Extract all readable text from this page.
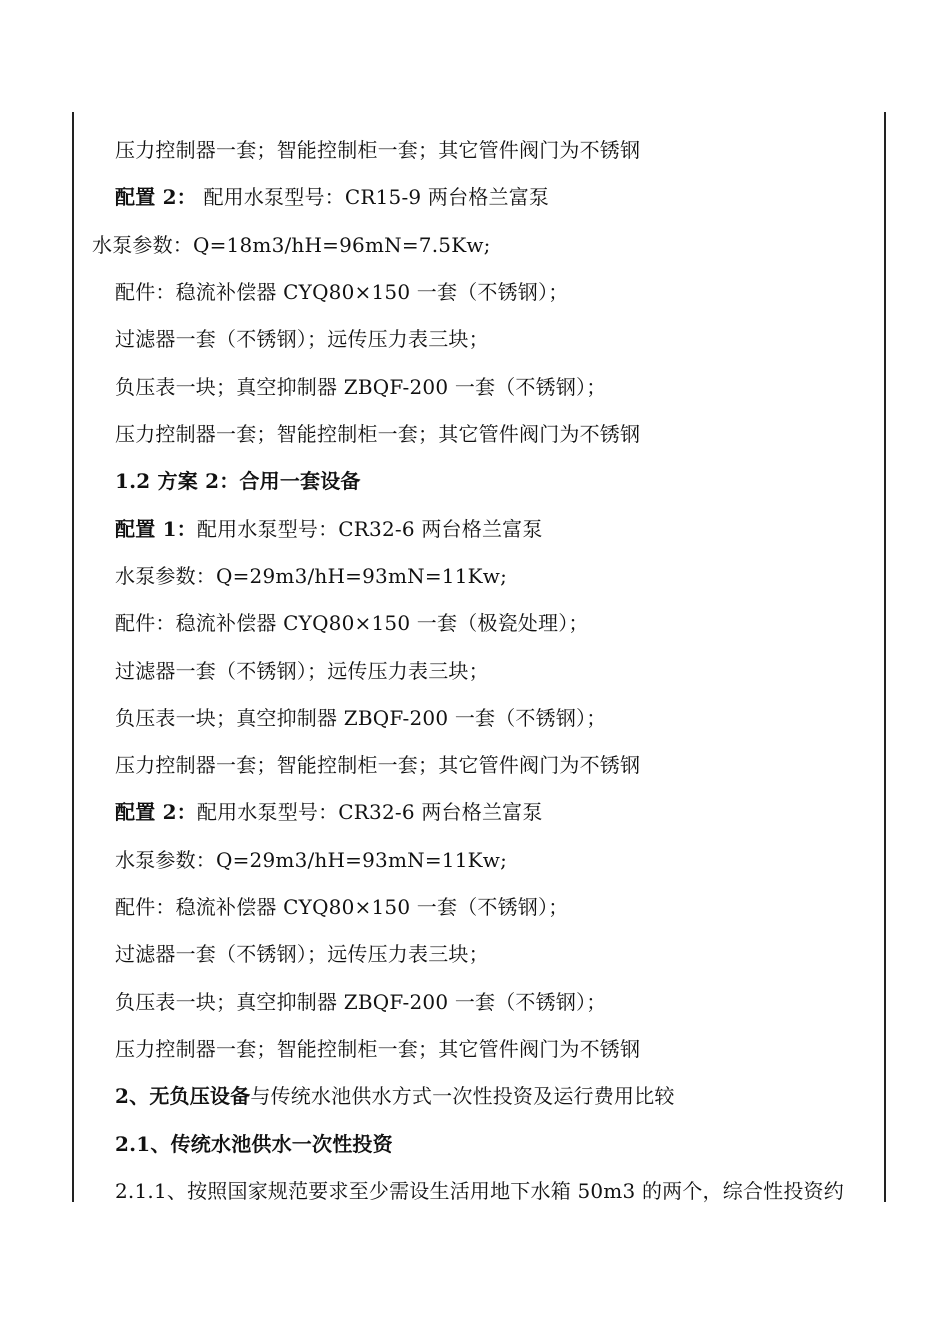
压力控制器一套；智能控制柜一套；其它管件阀门为不锈钢
配置 2： 配用水泵型号：CR15-9 两台格兰富泵
水泵参数：Q=18m3/hH=96mN=7.5Kw;
配件：稳流补偿器 CYQ80×150 一套（不锈钢）；
过滤器一套（不锈钢）；远传压力表三块；
负压表一块；真空抑制器 ZBQF-200 一套（不锈钢）；
压力控制器一套；智能控制柜一套；其它管件阀门为不锈钢
1.2 方案 2：合用一套设备
配置 1：配用水泵型号：CR32-6 两台格兰富泵
水泵参数：Q=29m3/hH=93mN=11Kw;
配件：稳流补偿器 CYQ80×150 一套（极瓷处理）；
过滤器一套（不锈钢）；远传压力表三块；
负压表一块；真空抑制器 ZBQF-200 一套（不锈钢）；
压力控制器一套；智能控制柜一套；其它管件阀门为不锈钢
配置 2：配用水泵型号：CR32-6 两台格兰富泵
水泵参数：Q=29m3/hH=93mN=11Kw;
配件：稳流补偿器 CYQ80×150 一套（不锈钢）；
过滤器一套（不锈钢）；远传压力表三块；
负压表一块；真空抑制器 ZBQF-200 一套（不锈钢）；
压力控制器一套；智能控制柜一套；其它管件阀门为不锈钢
2、无负压设备与传统水池供水方式一次性投资及运行费用比较
2.1、传统水池供水一次性投资
2.1.1、按照国家规范要求至少需设生活用地下水箱 50m3 的两个，综合性投资约
